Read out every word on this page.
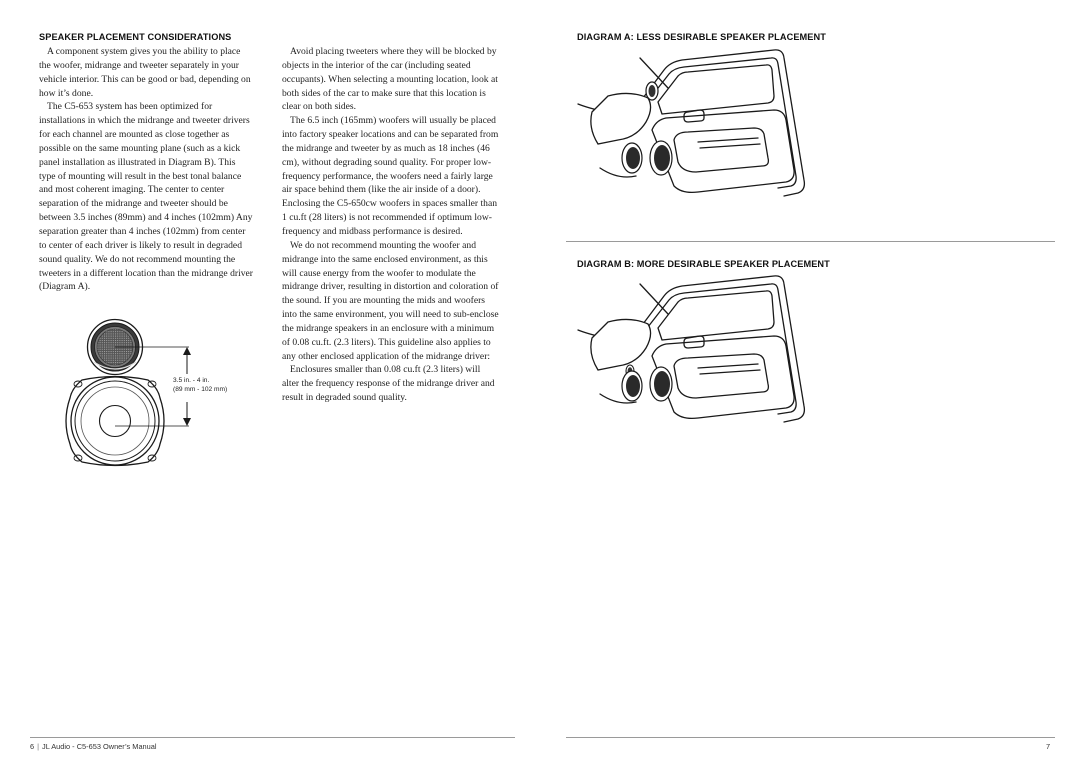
SPEAKER PLACEMENT CONSIDERATIONS

A component system gives you the ability to place the woofer, midrange and tweeter separately in your vehicle interior. This can be good or bad, depending on how it’s done.

The C5-653 system has been optimized for installations in which the midrange and tweeter drivers for each channel are mounted as close together as possible on the same mounting plane (such as a kick panel installation as illustrated in Diagram B). This type of mounting will result in the best tonal balance and most coherent imaging. The center to center separation of the midrange and tweeter should be between 3.5 inches (89mm) and 4 inches (102mm) Any separation greater than 4 inches (102mm) from center to center of each driver is likely to result in degraded sound quality. We do not recommend mounting the tweeters in a different location than the midrange driver (Diagram A).

Avoid placing tweeters where they will be blocked by objects in the interior of the car (including seated occupants). When selecting a mounting location, look at both sides of the car to make sure that this location is clear on both sides.

The 6.5 inch (165mm) woofers will usually be placed into factory speaker locations and can be separated from the midrange and tweeter by as much as 18 inches (46 cm), without degrading sound quality. For proper low-frequency performance, the woofers need a fairly large air space behind them (like the air inside of a door). Enclosing the C5-650cw woofers in spaces smaller than 1 cu.ft (28 liters) is not recommended if optimum low-frequency and midbass performance is desired.

We do not recommend mounting the woofer and midrange into the same enclosed environment, as this will cause energy from the woofer to modulate the midrange driver, resulting in distortion and coloration of the sound. If you are mounting the mids and woofers into the same environment, you will need to sub-enclose the midrange speakers in an enclosure with a minimum of 0.08 cu.ft. (2.3 liters). This guideline also applies to any other enclosed application of the midrange driver:

Enclosures smaller than 0.08 cu.ft (2.3 liters) will alter the frequency response of the midrange driver and result in degraded sound quality.

3.5 in. - 4 in.
(89 mm - 102 mm)
6 | JL Audio - C5-653 Owner’s Manual
DIAGRAM A: LESS DESIRABLE SPEAKER PLACEMENT
DIAGRAM B: MORE DESIRABLE SPEAKER PLACEMENT
7
